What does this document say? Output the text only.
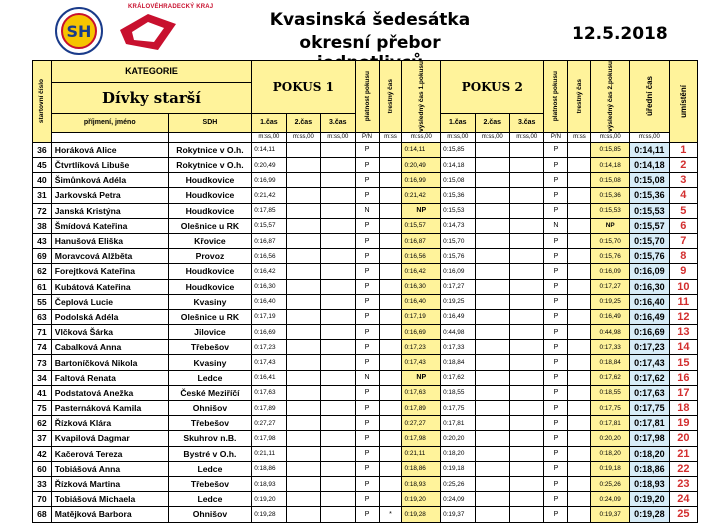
SH
KRÁLOVÉHRADECKÝ KRAJ
Kvasinská šedesátka
okresní přebor jednotlivců
12.5.2018
startovní číslo	KATEGORIE		POKUS 1			platnost pokusu	trestný čas	výsledný čas 1.pokusu	POKUS 2			platnost pokusu	trestný čas	výsledný čas 2.pokusu	úřední čas	umístění

	Dívky starší															
	příjmení, jméno	SDH	1.čas	2.čas	3.čas				1.čas	2.čas	3.čas					
			m:ss,00	m:ss,00	m:ss,00	P/N	m:ss	m:ss,00	m:ss,00	m:ss,00	m:ss,00	P/N	m:ss	m:ss,00	m:ss,00	
36	Horáková Alice	Rokytnice v O.h.	0:14,11			P		0:14,11	0:15,85			P		0:15,85	0:14,11	1
45	Čtvrtlíková Libuše	Rokytnice v O.h.	0:20,49			P		0:20,49	0:14,18			P		0:14,18	0:14,18	2
40	Šimůnková Adéla	Houdkovice	0:16,99			P		0:16,99	0:15,08			P		0:15,08	0:15,08	3
31	Jarkovská Petra	Houdkovice	0:21,42			P		0:21,42	0:15,36			P		0:15,36	0:15,36	4
72	Janská Kristýna	Houdkovice	0:17,85			N		NP	0:15,53			P		0:15,53	0:15,53	5
38	Šmídová Kateřina	Olešnice u RK	0:15,57			P		0:15,57	0:14,73			N		NP	0:15,57	6
43	Hanušová Eliška	Křovice	0:16,87			P		0:16,87	0:15,70			P		0:15,70	0:15,70	7
69	Moravcová Alžběta	Provoz	0:16,56			P		0:16,56	0:15,76			P		0:15,76	0:15,76	8
62	Forejtková Kateřina	Houdkovice	0:16,42			P		0:16,42	0:16,09			P		0:16,09	0:16,09	9
61	Kubátová Kateřina	Houdkovice	0:16,30			P		0:16,30	0:17,27			P		0:17,27	0:16,30	10
55	Čeplová Lucie	Kvasiny	0:16,40			P		0:16,40	0:19,25			P		0:19,25	0:16,40	11
63	Podolská Adéla	Olešnice u RK	0:17,19			P		0:17,19	0:16,49			P		0:16,49	0:16,49	12
71	Vlčková Šárka	Jilovice	0:16,69			P		0:16,69	0:44,98			P		0:44,98	0:16,69	13
74	Cabalková Anna	Třebešov	0:17,23			P		0:17,23	0:17,33			P		0:17,33	0:17,23	14
73	Bartoníčková Nikola	Kvasiny	0:17,43			P		0:17,43	0:18,84			P		0:18,84	0:17,43	15
34	Faltová Renata	Ledce	0:16,41			N		NP	0:17,62			P		0:17,62	0:17,62	16
41	Podstatová Anežka	České Meziříčí	0:17,63			P		0:17,63	0:18,55			P		0:18,55	0:17,63	17
75	Pasternáková Kamila	Ohnišov	0:17,89			P		0:17,89	0:17,75			P		0:17,75	0:17,75	18
62	Řízková Klára	Třebešov	0:27,27			P		0:27,27	0:17,81			P		0:17,81	0:17,81	19
37	Kvapilová Dagmar	Skuhrov n.B.	0:17,98			P		0:17,98	0:20,20			P		0:20,20	0:17,98	20
42	Kačerová Tereza	Bystré v O.h.	0:21,11			P		0:21,11	0:18,20			P		0:18,20	0:18,20	21
60	Tobiášová Anna	Ledce	0:18,86			P		0:18,86	0:19,18			P		0:19,18	0:18,86	22
33	Řízková Martina	Třebešov	0:18,93			P		0:18,93	0:25,26			P		0:25,26	0:18,93	23
70	Tobiášová Michaela	Ledce	0:19,20			P		0:19,20	0:24,09			P		0:24,09	0:19,20	24
68	Matějková Barbora	Ohnišov	0:19,28			P	*	0:19,28	0:19,37			P		0:19,37	0:19,28	25
